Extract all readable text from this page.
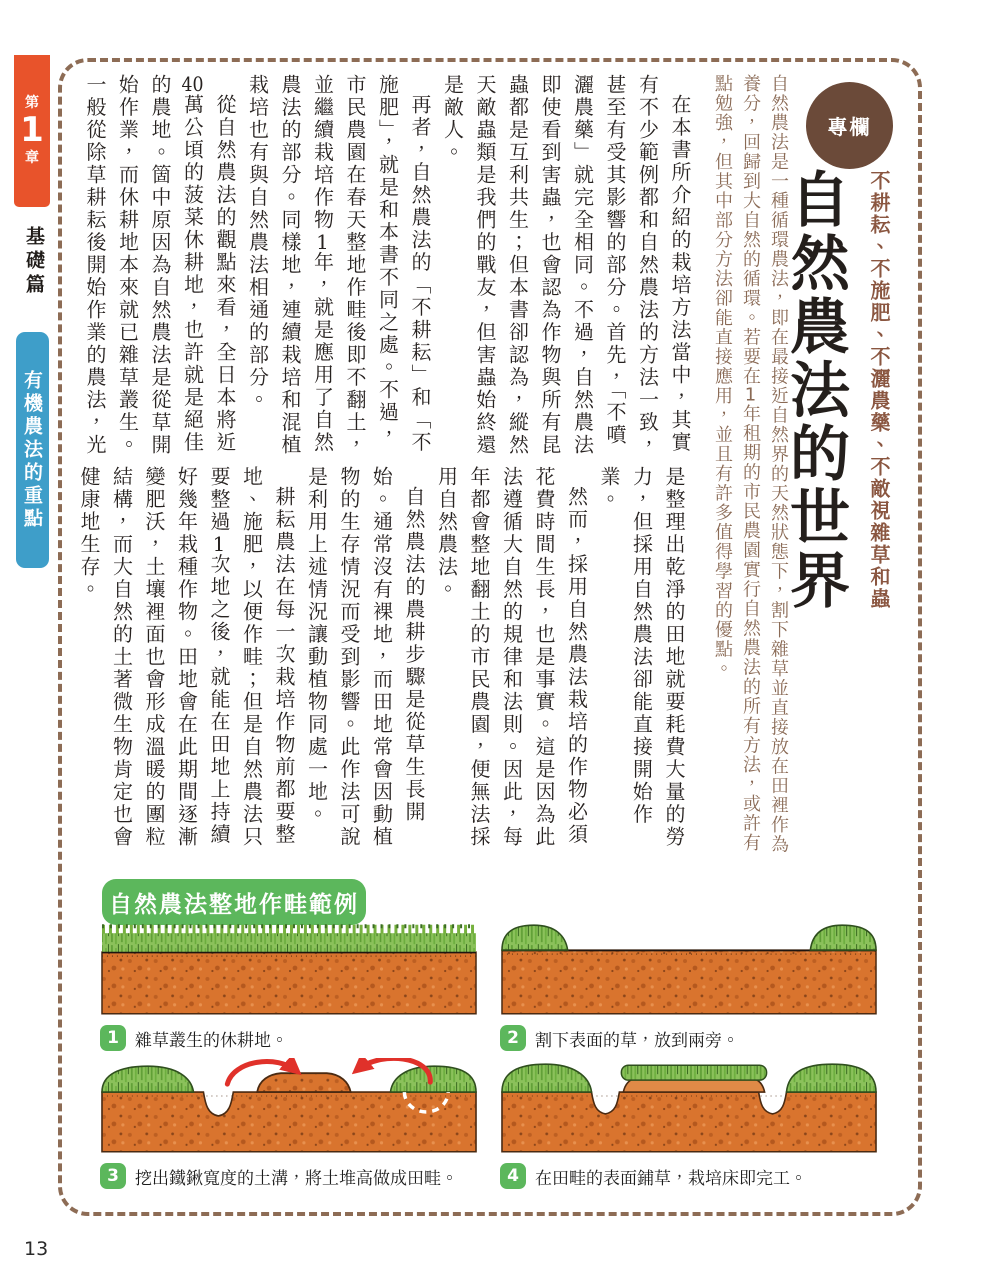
第
1
章
基礎篇
有機農法的重點
13
專欄
不耕耘、不施肥、不灑農藥、不敵視雜草和蟲
自然農法的世界

自然農法是一種循環農法，即在最接近自然界的天然狀態下，割下雜草並直接放在田裡作為養分，回歸到大自然的循環。若要在1年租期的市民農園實行自然農法的所有方法，或許有點勉強，但其中部分方法卻能直接應用，並且有許多值得學習的優點。

在本書所介紹的栽培方法當中，其實有不少範例都和自然農法的方法一致，甚至有受其影響的部分。首先，「不噴灑農藥」就完全相同。不過，自然農法即使看到害蟲，也會認為作物與所有昆蟲都是互利共生；但本書卻認為，縱然天敵蟲類是我們的戰友，但害蟲始終還是敵人。

再者，自然農法的「不耕耘」和「不施肥」，就是和本書不同之處。不過，市民農園在春天整地作畦後即不翻土，並繼續栽培作物1年，就是應用了自然農法的部分。同樣地，連續栽培和混植栽培也有與自然農法相通的部分。

從自然農法的觀點來看，全日本將近40萬公頃的菠菜休耕地，也許就是絕佳的農地。箇中原因為自然農法是從草開始作業，而休耕地本來就已雜草叢生。一般從除草耕耘後開始作業的農法，光

是整理出乾淨的田地就要耗費大量的勞力，但採用自然農法卻能直接開始作業。

然而，採用自然農法栽培的作物必須花費時間生長，也是事實。這是因為此法遵循大自然的規律和法則。因此，每年都會整地翻土的市民農園，便無法採用自然農法。

自然農法的農耕步驟是從草生長開始。通常沒有裸地，而田地常會因動植物的生存情況而受到影響。此作法可說是利用上述情況讓動植物同處一地。

耕耘農法在每一次栽培作物前都要整地、施肥，以便作畦；但是自然農法只要整過1次地之後，就能在田地上持續好幾年栽種作物。田地會在此期間逐漸變肥沃，土壤裡面也會形成溫暖的團粒結構，而大自然的土著微生物肯定也會健康地生存。

自然農法整地作畦範例
1 雜草叢生的休耕地。	2 割下表面的草，放到兩旁。
3 挖出鐵鍬寬度的土溝，將土堆高做成田畦。	4 在田畦的表面鋪草，栽培床即完工。
